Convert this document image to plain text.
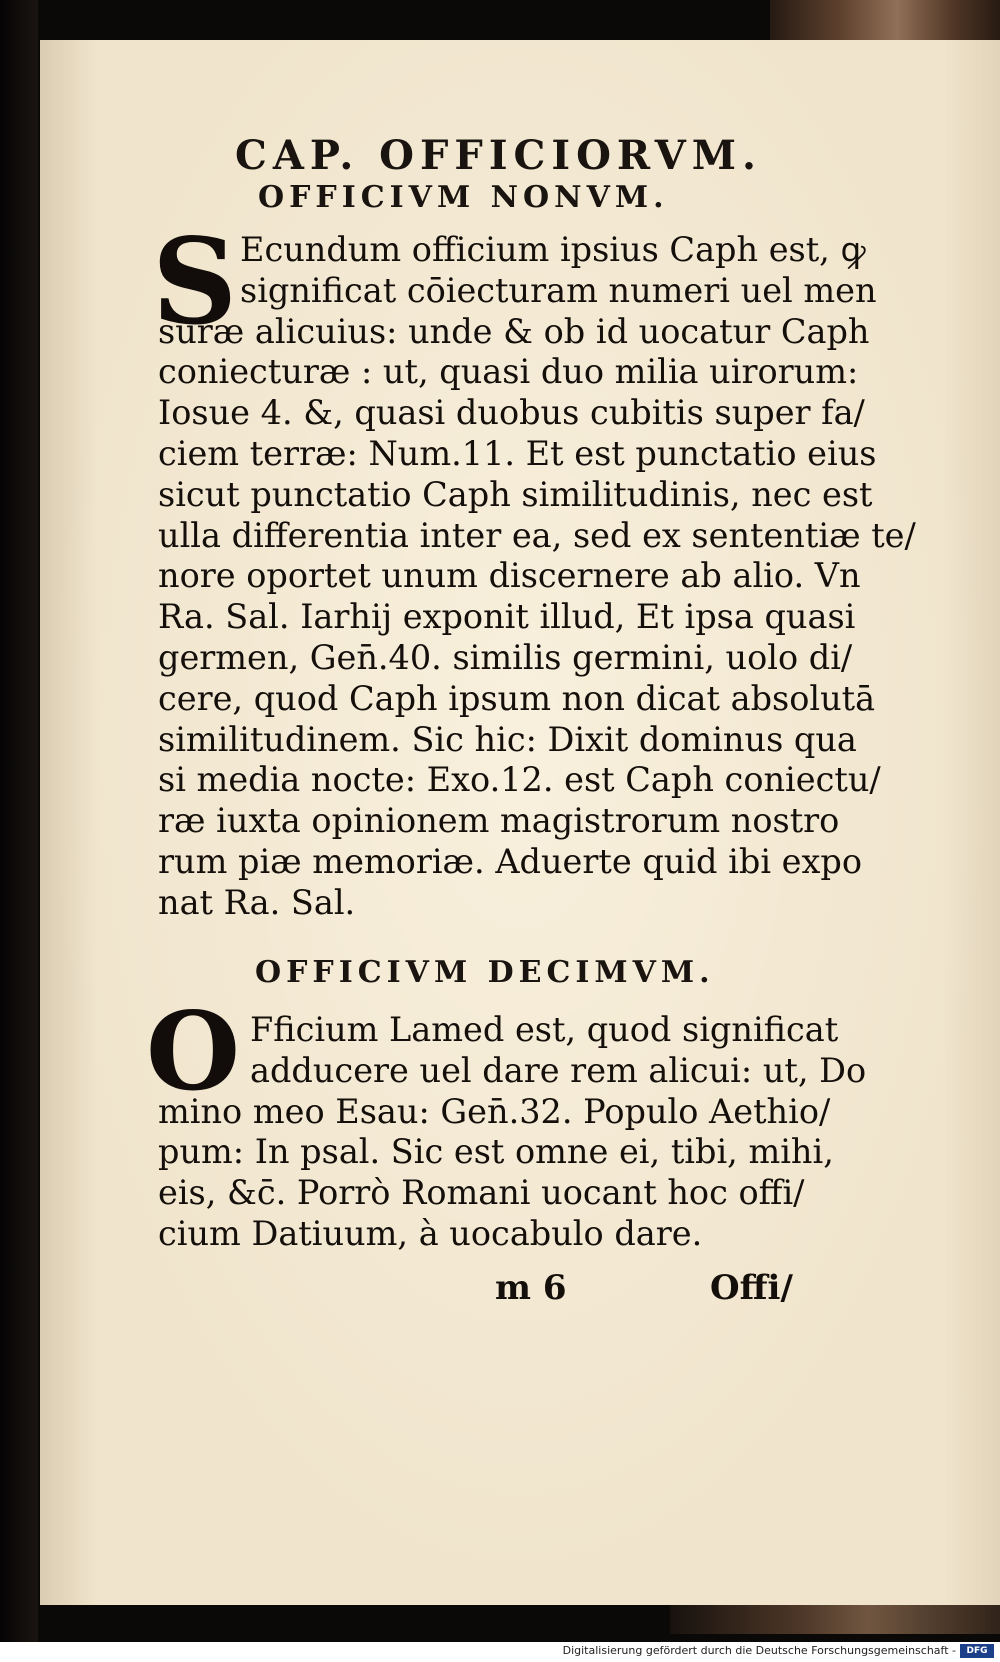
CAP. OFFICIORVM.
OFFICIVM NONVM.
S Ecundum officium ipsius Caph est, ꝙ
significat cōiecturam numeri uel men
suræ alicuius: unde & ob id uocatur Caph
coniecturæ : ut, quasi duo milia uirorum:
Iosue 4. &, quasi duobus cubitis super fa/
ciem terræ: Num.11. Et est punctatio eius
sicut punctatio Caph similitudinis, nec est
ulla differentia inter ea, sed ex sententiæ te/
nore oportet unum discernere ab alio. Vn
Ra. Sal. Iarhij exponit illud, Et ipsa quasi
germen, Gen̄.40. similis germini, uolo di/
cere, quod Caph ipsum non dicat absolutā
similitudinem. Sic hic: Dixit dominus qua
si media nocte: Exo.12. est Caph coniectu/
ræ iuxta opinionem magistrorum nostro
rum piæ memoriæ. Aduerte quid ibi expo
nat Ra. Sal.
OFFICIVM DECIMVM.
O Fficium Lamed est, quod significat
adducere uel dare rem alicui: ut, Do
mino meo Esau: Gen̄.32. Populo Aethio/
pum: In psal. Sic est omne ei, tibi, mihi,
eis, &c̄. Porrò Romani uocant hoc offi/
cium Datiuum, à uocabulo dare.
m 6	Offi/
Digitalisierung gefördert durch die Deutsche Forschungsgemeinschaft -	DFG
